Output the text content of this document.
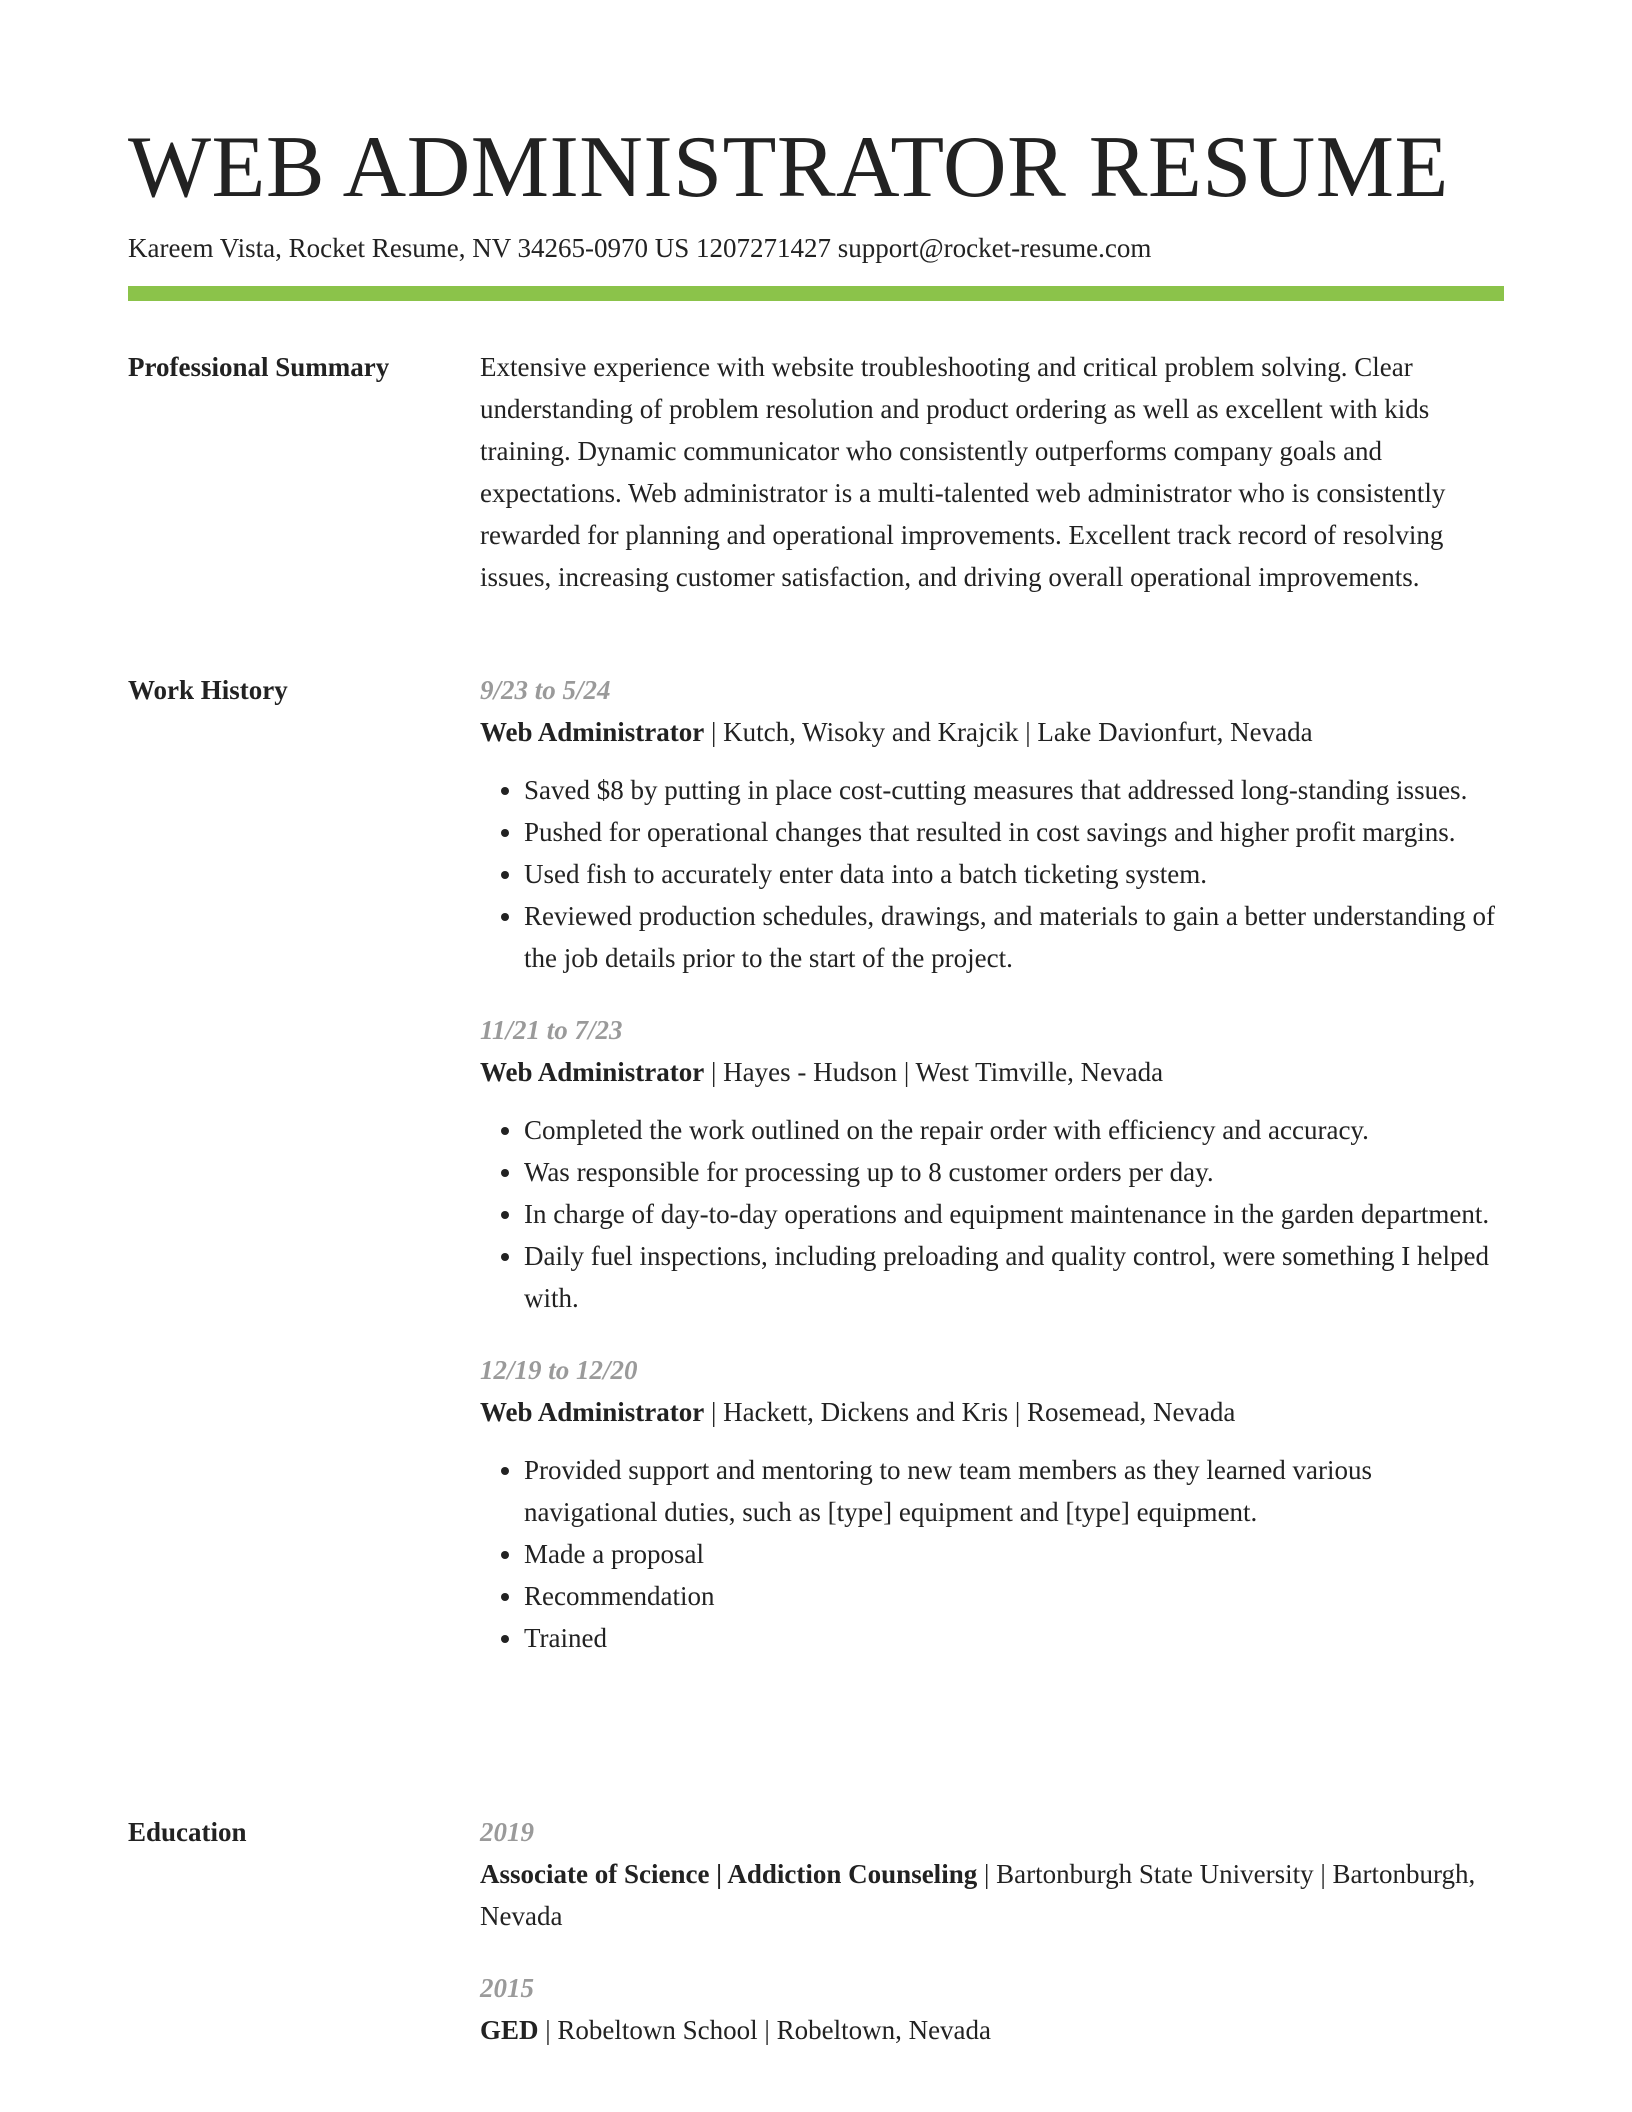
WEB ADMINISTRATOR RESUME
Kareem Vista, Rocket Resume, NV 34265-0970 US 1207271427 support@rocket-resume.com
Professional Summary	Extensive experience with website troubleshooting and critical problem solving. Clear understanding of problem resolution and product ordering as well as excellent with kids training. Dynamic communicator who consistently outperforms company goals and expectations. Web administrator is a multi-talented web administrator who is consistently rewarded for planning and operational improvements. Excellent track record of resolving issues, increasing customer satisfaction, and driving overall operational improvements.

Work History	9/23 to 5/24
Web Administrator | Kutch, Wisoky and Krajcik | Lake Davionfurt, Nevada
• Saved $8 by putting in place cost-cutting measures that addressed long-standing issues.
• Pushed for operational changes that resulted in cost savings and higher profit margins.
• Used fish to accurately enter data into a batch ticketing system.
• Reviewed production schedules, drawings, and materials to gain a better understanding of the job details prior to the start of the project.
11/21 to 7/23
Web Administrator | Hayes - Hudson | West Timville, Nevada
• Completed the work outlined on the repair order with efficiency and accuracy.
• Was responsible for processing up to 8 customer orders per day.
• In charge of day-to-day operations and equipment maintenance in the garden department.
• Daily fuel inspections, including preloading and quality control, were something I helped with.
12/19 to 12/20
Web Administrator | Hackett, Dickens and Kris | Rosemead, Nevada
• Provided support and mentoring to new team members as they learned various navigational duties, such as [type] equipment and [type] equipment.
• Made a proposal
• Recommendation
• Trained
Education	2019
Associate of Science | Addiction Counseling | Bartonburgh State University | Bartonburgh, Nevada
2015
GED | Robeltown School | Robeltown, Nevada
